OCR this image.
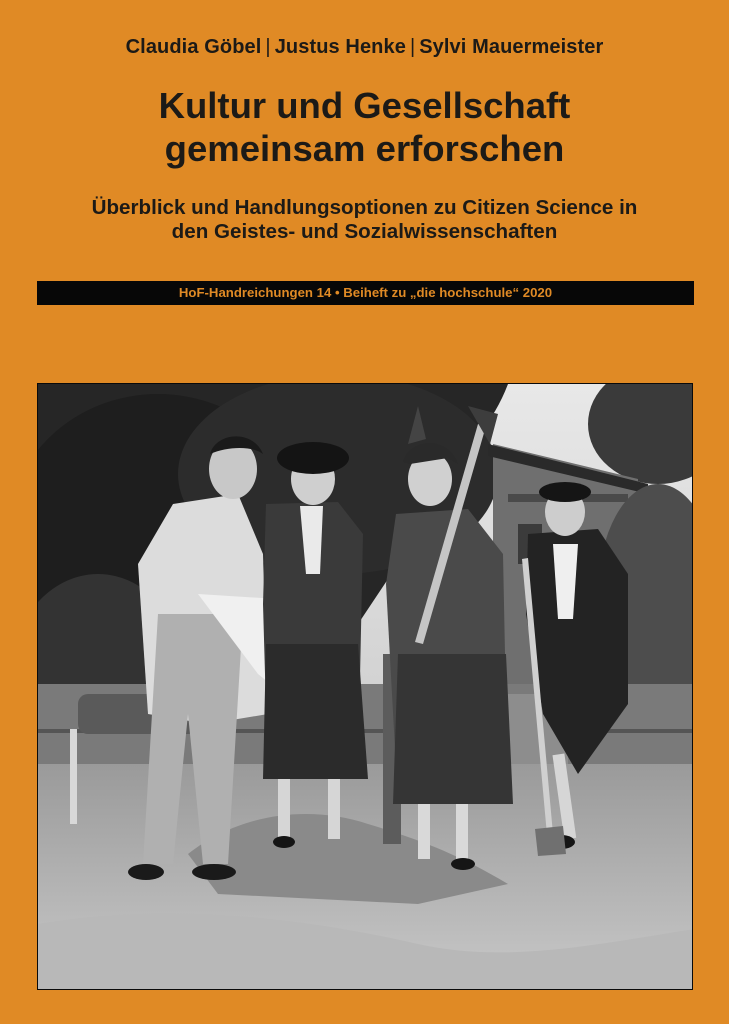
Claudia Göbel | Justus Henke | Sylvi Mauermeister
Kultur und Gesellschaft
gemeinsam erforschen
Überblick und Handlungsoptionen zu Citizen Science in
den Geistes- und Sozialwissenschaften
HoF-Handreichungen 14 • Beiheft zu „die hochschule“ 2020
